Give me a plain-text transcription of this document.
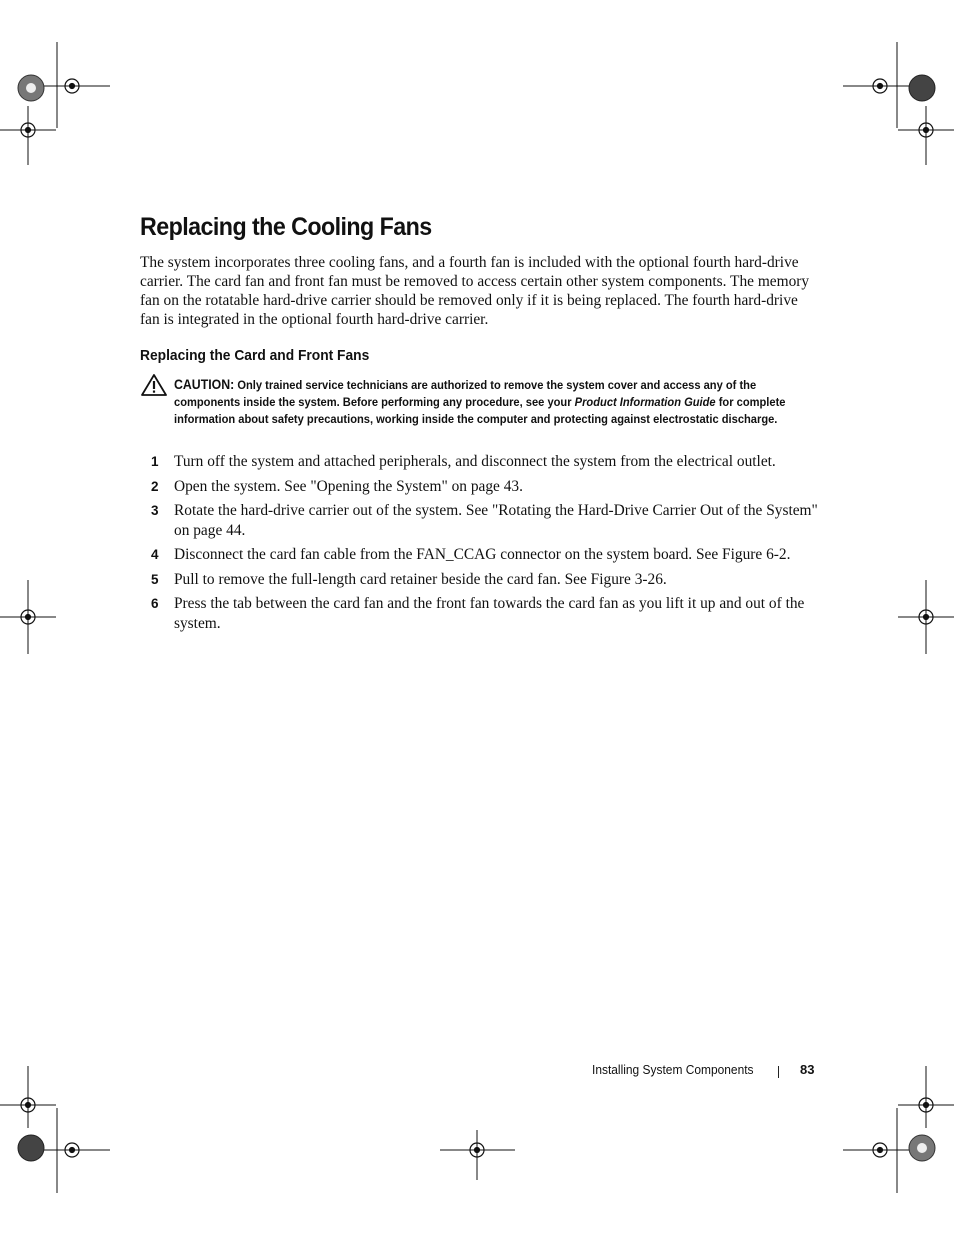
Replacing the Cooling Fans

The system incorporates three cooling fans, and a fourth fan is included with the optional fourth hard-drive carrier. The card fan and front fan must be removed to access certain other system components. The memory fan on the rotatable hard-drive carrier should be removed only if it is being replaced. The fourth hard-drive fan is integrated in the optional fourth hard-drive carrier.

Replacing the Card and Front Fans

CAUTION: Only trained service technicians are authorized to remove the system cover and access any of the components inside the system. Before performing any procedure, see your Product Information Guide for complete information about safety precautions, working inside the computer and protecting against electrostatic discharge.

1 Turn off the system and attached peripherals, and disconnect the system from the electrical outlet.
2 Open the system. See "Opening the System" on page 43.
3 Rotate the hard-drive carrier out of the system. See "Rotating the Hard-Drive Carrier Out of the System" on page 44.
4 Disconnect the card fan cable from the FAN_CCAG connector on the system board. See Figure 6-2.
5 Pull to remove the full-length card retainer beside the card fan. See Figure 3-26.
6 Press the tab between the card fan and the front fan towards the card fan as you lift it up and out of the system.
Installing System Components	83
